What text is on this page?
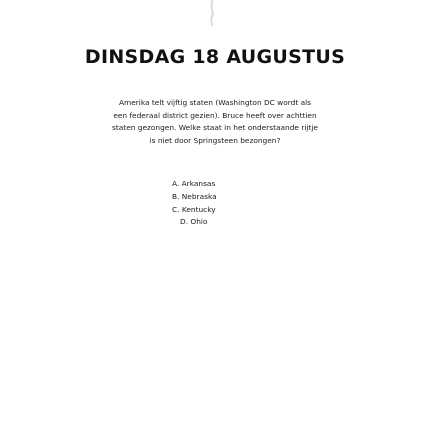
DINSDAG 18 AUGUSTUS
Amerika telt vijftig staten (Washington DC wordt als
een federaal district gezien). Bruce heeft over achttien
staten gezongen. Welke staat in het onderstaande rijtje
is niet door Springsteen bezongen?
A. Arkansas
B. Nebraska
C. Kentucky
D. Ohio
